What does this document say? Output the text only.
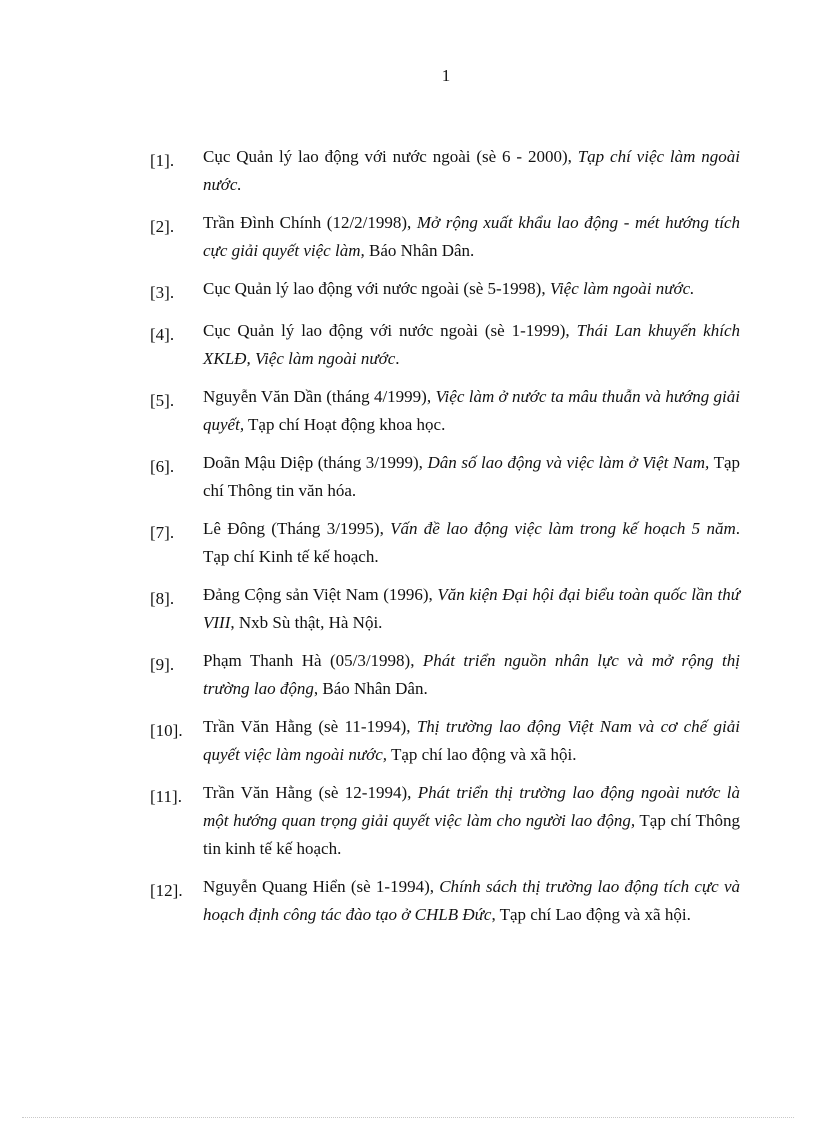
1
[1].	Cục Quản lý lao động với nước ngoài (sè 6 - 2000), Tạp chí việc làm ngoài nước.
[2].	Trần Đình Chính (12/2/1998), Mở rộng xuất khẩu lao động - mét hướng tích cực giải quyết việc làm, Báo Nhân Dân.
[3].	Cục Quản lý lao động với nước ngoài (sè 5-1998), Việc làm ngoài nước.
[4].	Cục Quản lý lao động với nước ngoài (sè 1-1999), Thái Lan khuyến khích XKLĐ, Việc làm ngoài nước.
[5].	Nguyễn Văn Dần (tháng 4/1999), Việc làm ở nước ta mâu thuẫn và hướng giải quyết, Tạp chí Hoạt động khoa học.
[6].	Doãn Mậu Diệp (tháng 3/1999), Dân số lao động và việc làm ở Việt Nam, Tạp chí Thông tin văn hóa.
[7].	Lê Đông (Tháng 3/1995), Vấn đề lao động việc làm trong kế hoạch 5 năm. Tạp chí Kinh tế kế hoạch.
[8].	Đảng Cộng sản Việt Nam (1996), Văn kiện Đại hội đại biểu toàn quốc lần thứ VIII, Nxb Sù thật, Hà Nội.
[9].	Phạm Thanh Hà (05/3/1998), Phát triển nguồn nhân lực và mở rộng thị trường lao động, Báo Nhân Dân.
[10].	Trần Văn Hằng (sè 11-1994), Thị trường lao động Việt Nam và cơ chế giải quyết việc làm ngoài nước, Tạp chí lao động và xã hội.
[11].	Trần Văn Hằng (sè 12-1994), Phát triển thị trường lao động ngoài nước là một hướng quan trọng giải quyết việc làm cho người lao động, Tạp chí Thông tin kinh tế kế hoạch.
[12].	Nguyễn Quang Hiển (sè 1-1994), Chính sách thị trường lao động tích cực và hoạch định công tác đào tạo ở CHLB Đức, Tạp chí Lao động và xã hội.
